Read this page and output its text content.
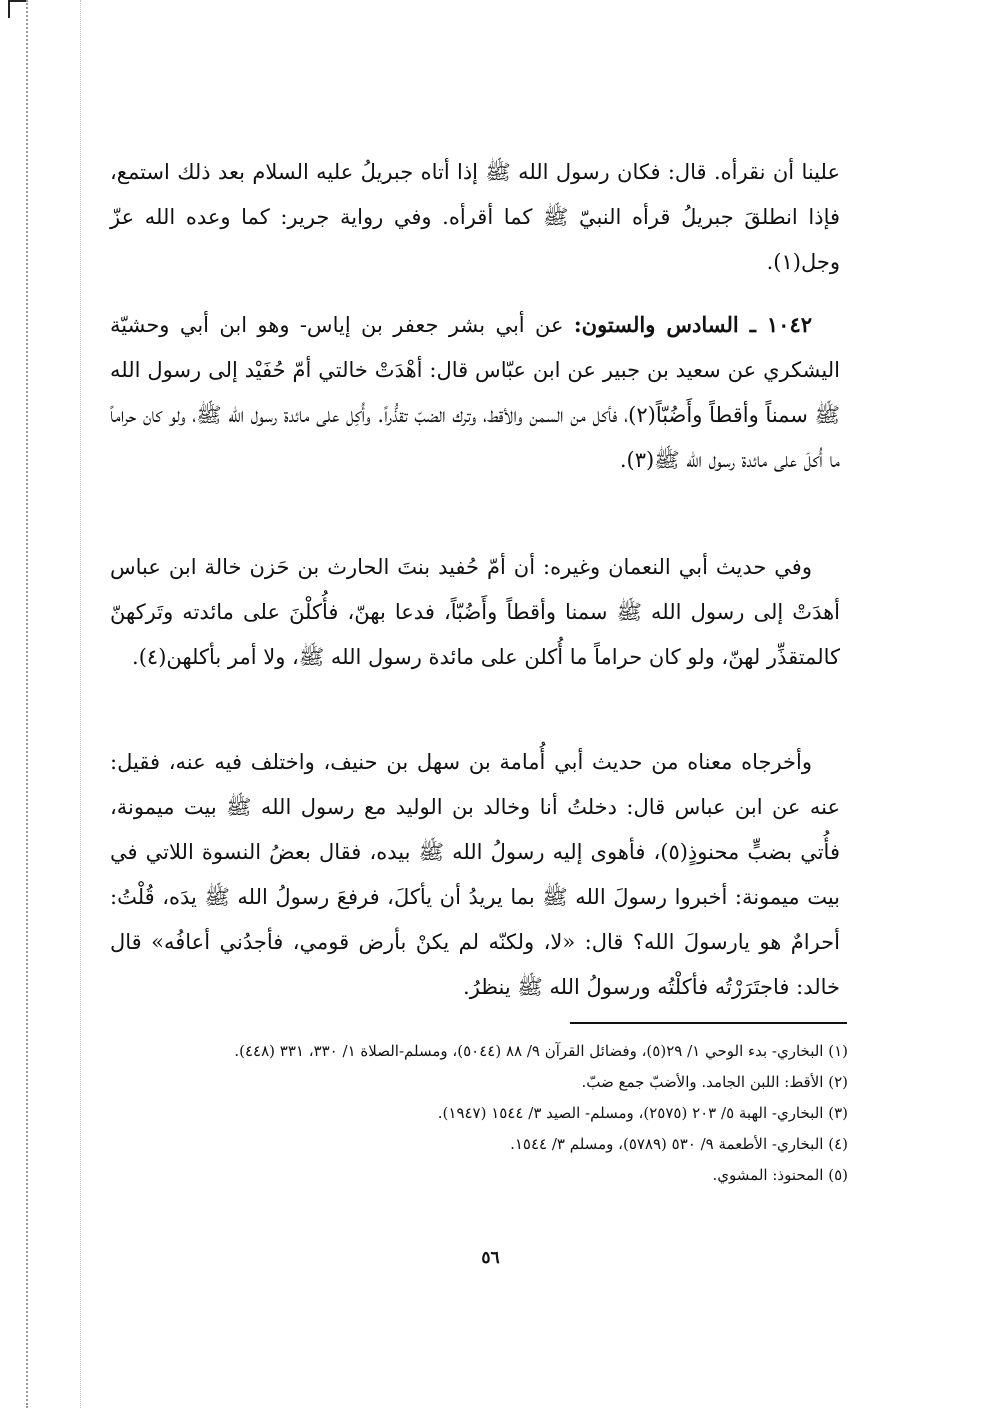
علينا أن نقرأه. قال: فكان رسول الله ﷺ إذا أتاه جبريلُ عليه السلام بعد ذلك استمع، فإذا انطلقَ جبريلُ قرأه النبيّ ﷺ كما أقرأه. وفي رواية جرير: كما وعده الله عزّ وجل(١).

١٠٤٢ ـ السادس والستون: عن أبي بشر جعفر بن إياس- وهو ابن أبي وحشيّة اليشكري عن سعيد بن جبير عن ابن عبّاس قال: أهْدَتْ خالتي أمّ حُفَيْد إلى رسول الله ﷺ سمناً وأقطاً وأَضُبّاً(٢)، فأكل من السمن والأقط، وترك الضبّ تقذُّراً. وأُكِل على مائدة رسول الله ﷺ، ولو كان حراماً ما أُكلَ على مائدة رسول الله ﷺ(٣).

وفي حديث أبي النعمان وغيره: أن أمّ حُفيد بنتَ الحارث بن حَزن خالة ابن عباس أهدَتْ إلى رسول الله ﷺ سمنا وأقطاً وأَضُبّاً، فدعا بهنّ، فأُكلْنَ على مائدته وتَركهنّ كالمتقذِّر لهنّ، ولو كان حراماً ما أُكلن على مائدة رسول الله ﷺ، ولا أمر بأكلهن(٤).

وأخرجاه معناه من حديث أبي أُمامة بن سهل بن حنيف، واختلف فيه عنه، فقيل: عنه عن ابن عباس قال: دخلتُ أنا وخالد بن الوليد مع رسول الله ﷺ بيت ميمونة، فأُتي بضبٍّ محنوذٍ(٥)، فأهوى إليه رسولُ الله ﷺ بيده، فقال بعضُ النسوة اللاتي في بيت ميمونة: أخبروا رسولَ الله ﷺ بما يريدُ أن يأكلَ، فرفعَ رسولُ الله ﷺ يدَه، قُلْتُ: أحرامٌ هو يارسولَ الله؟ قال: «لا، ولكنّه لم يكنْ بأرض قومي، فأجدُني أعافُه» قال خالد: فاجتَرَرْتُه فأكلْتُه ورسولُ الله ﷺ ينظرُ.

(١) البخاري- بدء الوحي ١/ ٢٩(٥)، وفضائل القرآن ٩/ ٨٨ (٥٠٤٤)، ومسلم-الصلاة ١/ ٣٣٠، ٣٣١ (٤٤٨).
(٢) الأقط: اللبن الجامد. والأضبّ جمع ضبّ.
(٣) البخاري- الهبة ٥/ ٢٠٣ (٢٥٧٥)، ومسلم- الصيد ٣/ ١٥٤٤ (١٩٤٧).
(٤) البخاري- الأطعمة ٩/ ٥٣٠ (٥٧٨٩)، ومسلم ٣/ ١٥٤٤.
(٥) المحنوذ: المشوي.
٥٦
